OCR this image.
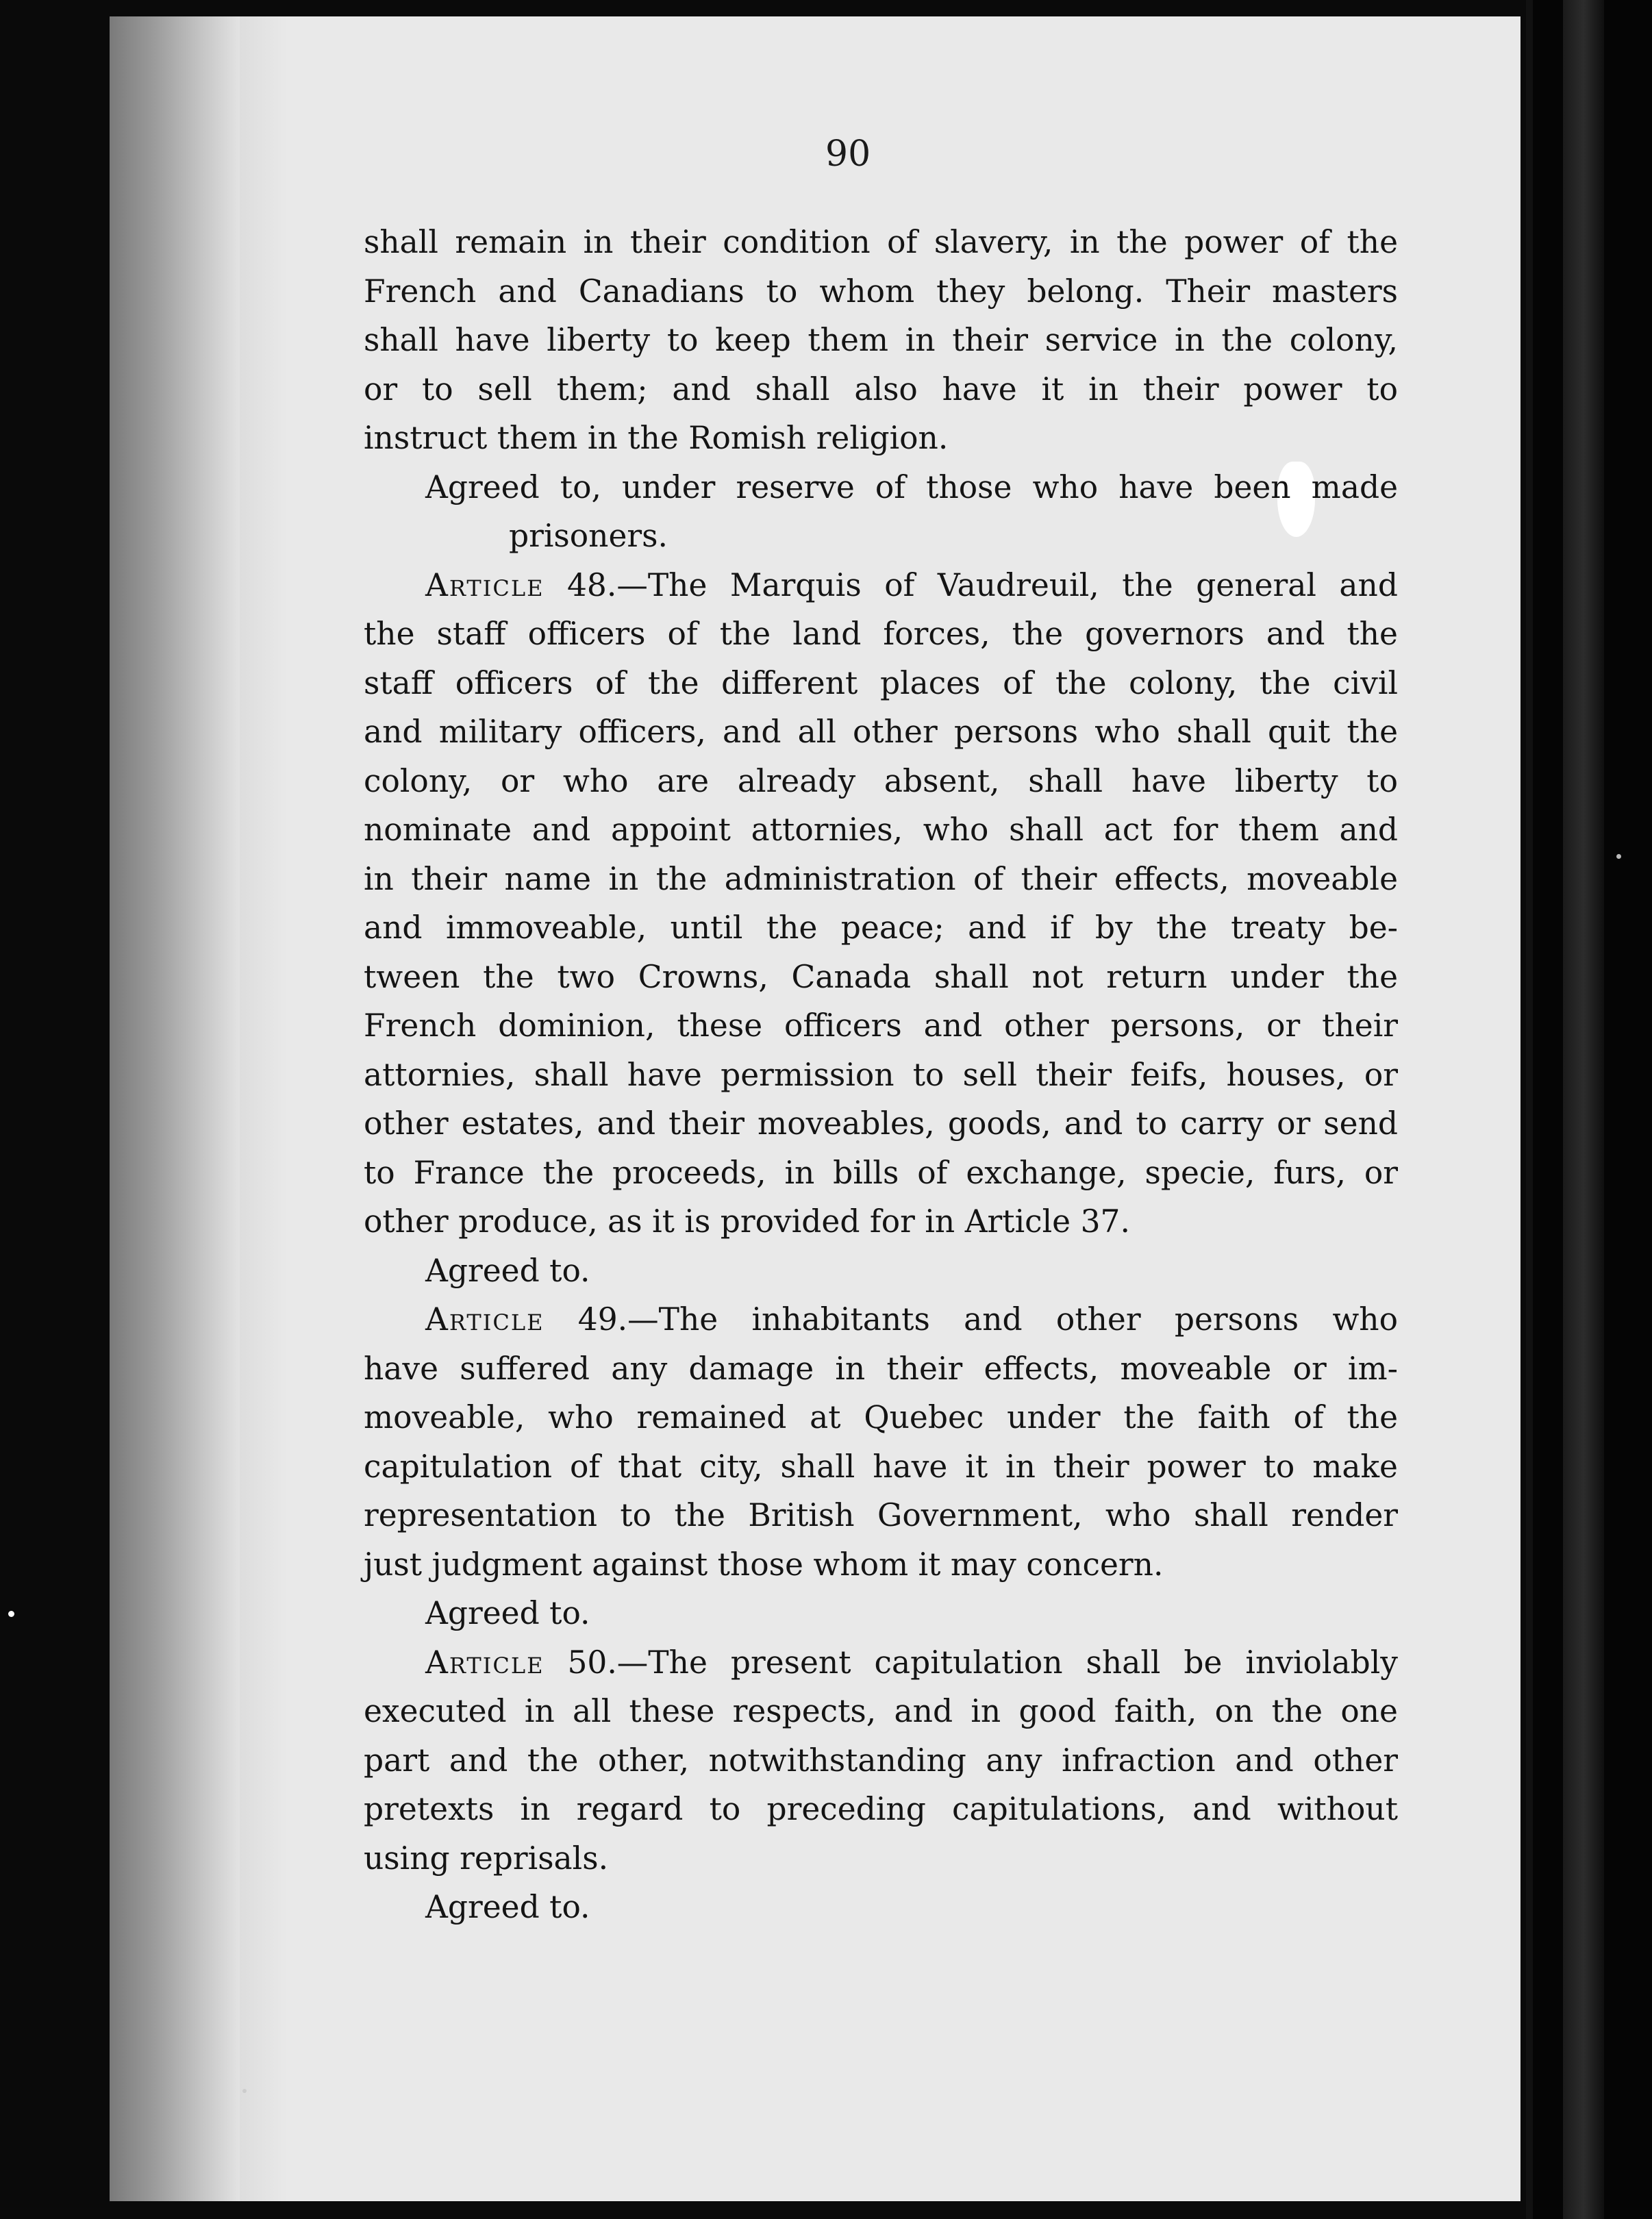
90
shall remain in their condition of slavery, in the power of the
French and Canadians to whom they belong. Their masters
shall have liberty to keep them in their service in the colony,
or to sell them; and shall also have it in their power to
instruct them in the Romish religion.
Agreed to, under reserve of those who have been made
prisoners.
Article 48.—The Marquis of Vaudreuil, the general and
the staff officers of the land forces, the governors and the
staff officers of the different places of the colony, the civil
and military officers, and all other persons who shall quit the
colony, or who are already absent, shall have liberty to
nominate and appoint attornies, who shall act for them and
in their name in the administration of their effects, moveable
and immoveable, until the peace; and if by the treaty be-
tween the two Crowns, Canada shall not return under the
French dominion, these officers and other persons, or their
attornies, shall have permission to sell their feifs, houses, or
other estates, and their moveables, goods, and to carry or send
to France the proceeds, in bills of exchange, specie, furs, or
other produce, as it is provided for in Article 37.
Agreed to.
Article 49.—The inhabitants and other persons who
have suffered any damage in their effects, moveable or im-
moveable, who remained at Quebec under the faith of the
capitulation of that city, shall have it in their power to make
representation to the British Government, who shall render
just judgment against those whom it may concern.
Agreed to.
Article 50.—The present capitulation shall be inviolably
executed in all these respects, and in good faith, on the one
part and the other, notwithstanding any infraction and other
pretexts in regard to preceding capitulations, and without
using reprisals.
Agreed to.
